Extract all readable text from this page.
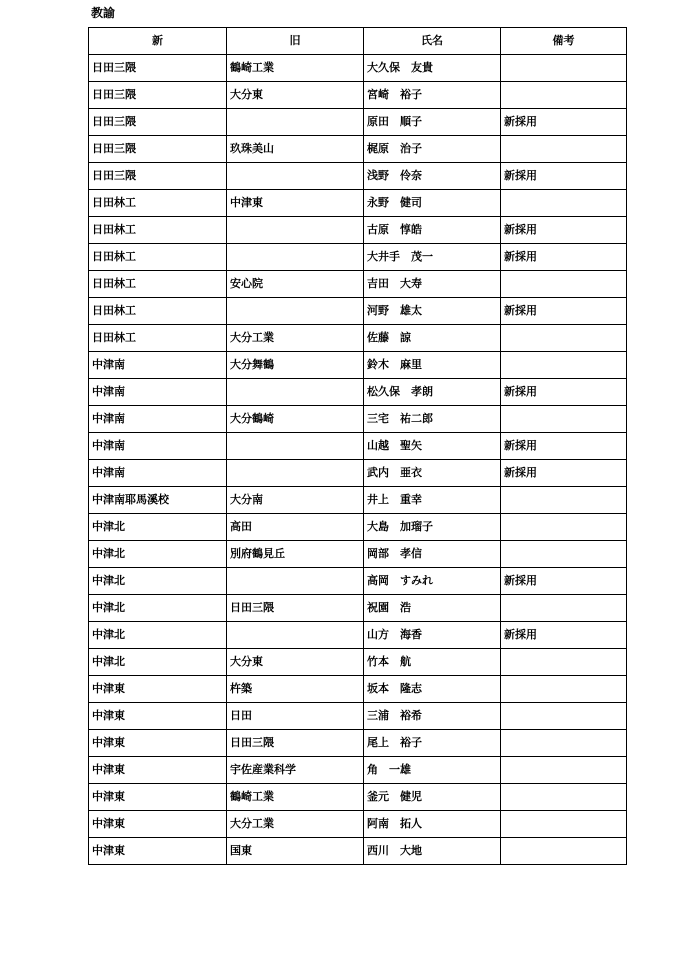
教諭
新	旧	氏名	備考
日田三隈	鶴崎工業	大久保　友貴	
日田三隈	大分東	宮崎　裕子	
日田三隈		原田　順子	新採用
日田三隈	玖珠美山	梶原　治子	
日田三隈		浅野　伶奈	新採用
日田林工	中津東	永野　健司	
日田林工		古原　惇皓	新採用
日田林工		大井手　茂一	新採用
日田林工	安心院	吉田　大寿	
日田林工		河野　雄太	新採用
日田林工	大分工業	佐藤　諒	
中津南	大分舞鶴	鈴木　麻里	
中津南		松久保　孝朗	新採用
中津南	大分鶴崎	三宅　祐二郎	
中津南		山越　聖矢	新採用
中津南		武内　亜衣	新採用
中津南耶馬溪校	大分南	井上　重幸	
中津北	高田	大島　加瑠子	
中津北	別府鶴見丘	岡部　孝信	
中津北		高岡　すみれ	新採用
中津北	日田三隈	祝園　浩	
中津北		山方　海香	新採用
中津北	大分東	竹本　航	
中津東	杵築	坂本　隆志	
中津東	日田	三浦　裕希	
中津東	日田三隈	尾上　裕子	
中津東	宇佐産業科学	角　一雄	
中津東	鶴崎工業	釜元　健児	
中津東	大分工業	阿南　拓人	
中津東	国東	西川　大地	
